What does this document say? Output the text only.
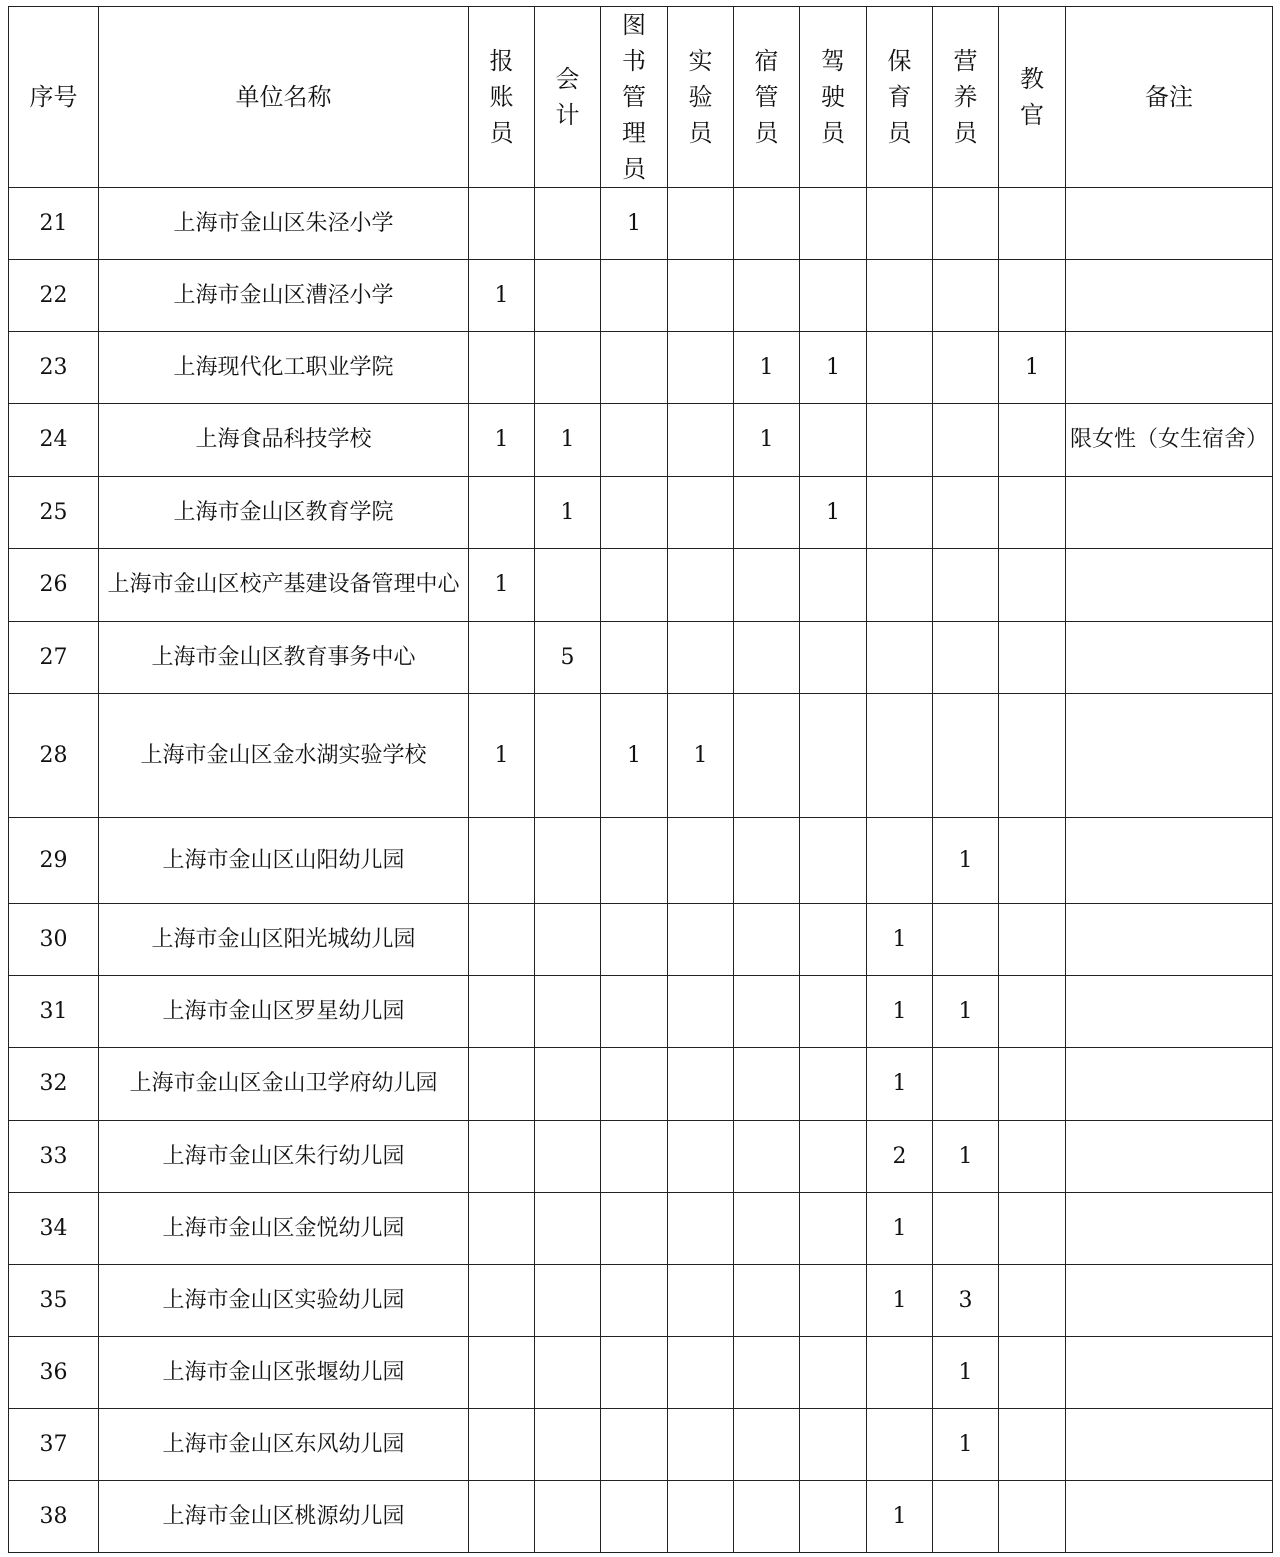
序号	单位名称	报账员	会计	图书管理员	实验员	宿管员	驾驶员	保育员	营养员	教官	备注
21	上海市金山区朱泾小学			1							
22	上海市金山区漕泾小学	1									
23	上海现代化工职业学院					1	1			1	
24	上海食品科技学校	1	1			1					限女性（女生宿舍）
25	上海市金山区教育学院		1				1				
26	上海市金山区校产基建设备管理中心	1									
27	上海市金山区教育事务中心		5								
28	上海市金山区金水湖实验学校	1		1	1						
29	上海市金山区山阳幼儿园								1		
30	上海市金山区阳光城幼儿园							1			
31	上海市金山区罗星幼儿园							1	1		
32	上海市金山区金山卫学府幼儿园							1			
33	上海市金山区朱行幼儿园							2	1		
34	上海市金山区金悦幼儿园							1			
35	上海市金山区实验幼儿园							1	3		
36	上海市金山区张堰幼儿园								1		
37	上海市金山区东风幼儿园								1		
38	上海市金山区桃源幼儿园							1			
